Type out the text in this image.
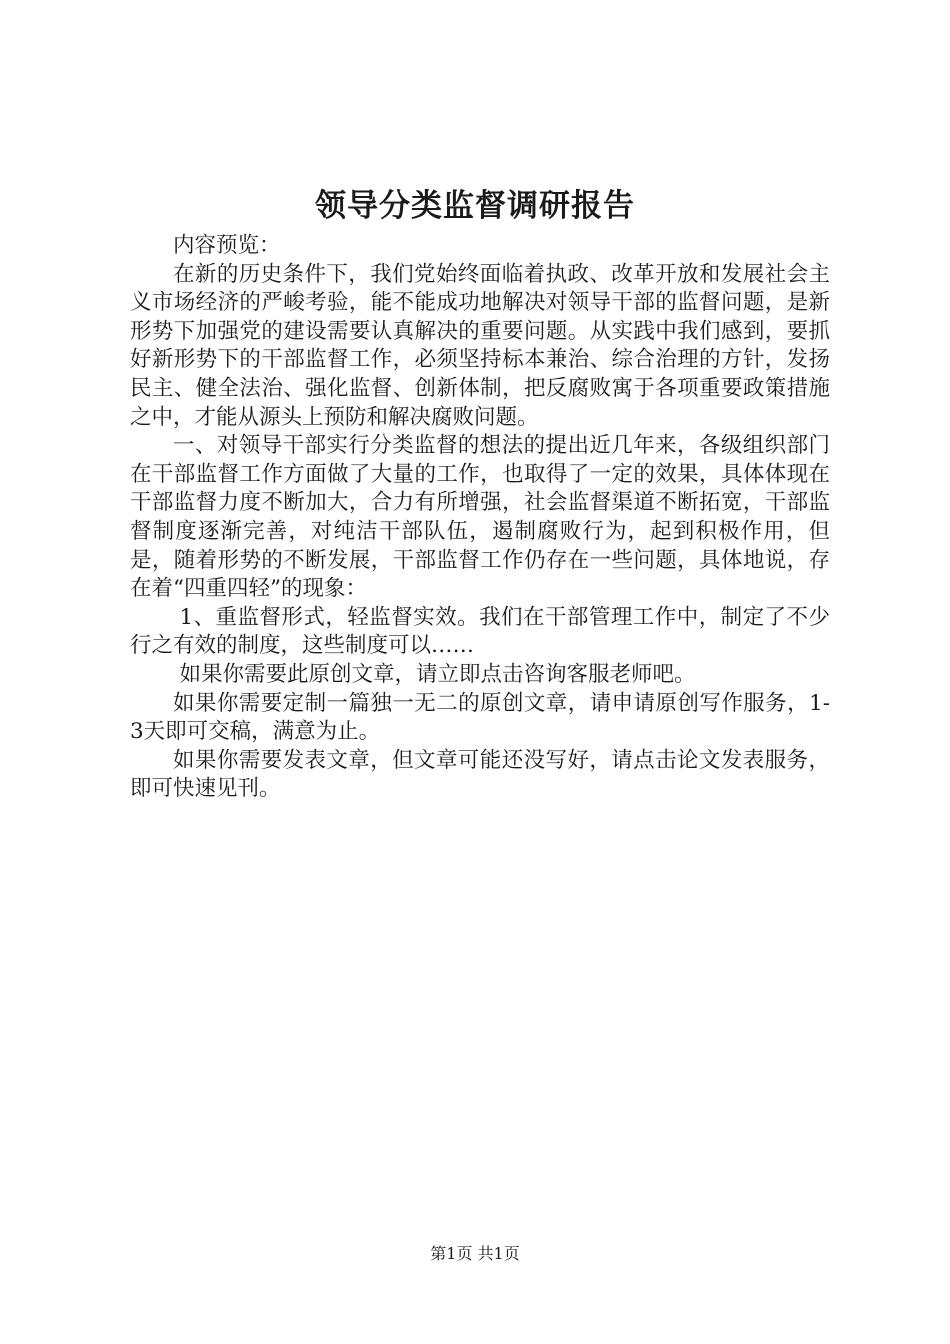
领导分类监督调研报告

内容预览：

在新的历史条件下，我们党始终面临着执政、改革开放和发展社会主义市场经济的严峻考验，能不能成功地解决对领导干部的监督问题，是新形势下加强党的建设需要认真解决的重要问题。从实践中我们感到，要抓好新形势下的干部监督工作，必须坚持标本兼治、综合治理的方针，发扬民主、健全法治、强化监督、创新体制，把反腐败寓于各项重要政策措施之中，才能从源头上预防和解决腐败问题。

一、对领导干部实行分类监督的想法的提出近几年来，各级组织部门在干部监督工作方面做了大量的工作，也取得了一定的效果，具体体现在干部监督力度不断加大，合力有所增强，社会监督渠道不断拓宽，干部监督制度逐渐完善，对纯洁干部队伍，遏制腐败行为，起到积极作用，但是，随着形势的不断发展，干部监督工作仍存在一些问题，具体地说，存在着“四重四轻”的现象：

1、重监督形式，轻监督实效。我们在干部管理工作中，制定了不少行之有效的制度，这些制度可以……

如果你需要此原创文章，请立即点击咨询客服老师吧。

如果你需要定制一篇独一无二的原创文章，请申请原创写作服务，1-3天即可交稿，满意为止。

如果你需要发表文章，但文章可能还没写好，请点击论文发表服务，即可快速见刊。

第1页 共1页
